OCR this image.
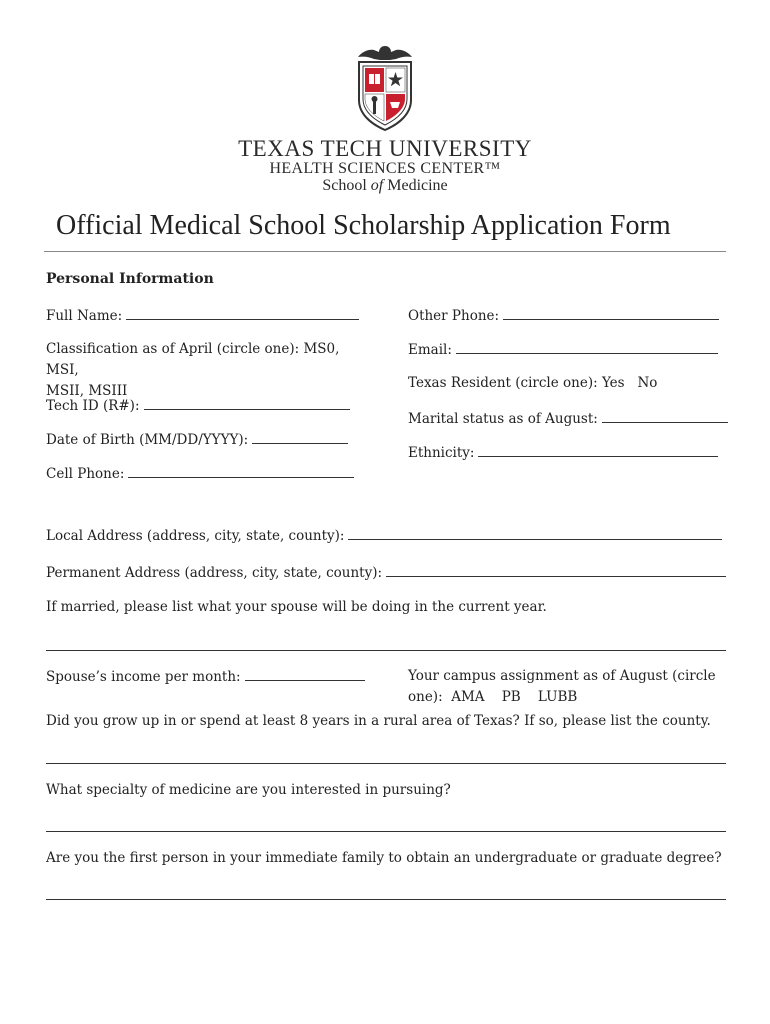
TEXAS TECH UNIVERSITY
HEALTH SCIENCES CENTER™
School of Medicine
Official Medical School Scholarship Application Form
Personal Information
Full Name:
Classification as of April (circle one): MS0, MSI,
MSII, MSIII
Tech ID (R#):
Date of Birth (MM/DD/YYYY):
Cell Phone:
Other Phone:
Email:
Texas Resident (circle one): Yes   No
Marital status as of August:
Ethnicity:
Local Address (address, city, state, county):
Permanent Address (address, city, state, county):
If married, please list what your spouse will be doing in the current year.
Spouse’s income per month:	Your campus assignment as of August (circle
one):  AMA    PB    LUBB
Did you grow up in or spend at least 8 years in a rural area of Texas? If so, please list the county.
What specialty of medicine are you interested in pursuing?
Are you the first person in your immediate family to obtain an undergraduate or graduate degree?
